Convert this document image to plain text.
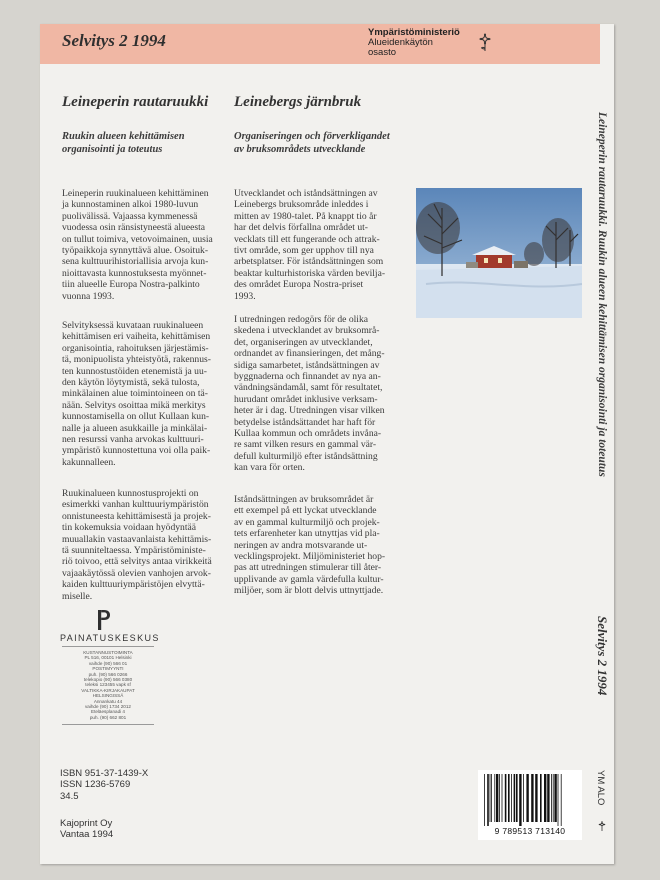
Selvitys 2 1994	Ympäristöministeriö
Alueidenkäytön
osasto
Leineperin rautaruukki Leinebergs järnbruk
Ruukin alueen kehittämisen
organisointi ja toteutus
Organiseringen och förverkligandet
av bruksområdets utvecklande
Leineperin ruukinalueen kehittäminen
ja kunnostaminen alkoi 1980-luvun
puolivälissä. Vajaassa kymmenessä
vuodessa osin ränsistyneestä alueesta
on tullut toimiva, vetovoimainen, uusia
työpaikkoja synnyttävä alue. Osoituk-
sena kulttuurihistoriallisia arvoja kun-
nioittavasta kunnostuksesta myönnet-
tiin alueelle Europa Nostra-palkinto
vuonna 1993.
Selvityksessä kuvataan ruukinalueen
kehittämisen eri vaiheita, kehittämisen
organisointia, rahoituksen järjestämis-
tä, monipuolista yhteistyötä, rakennus-
ten kunnostustöiden etenemistä ja uu-
den käytön löytymistä, sekä tulosta,
minkälainen alue toimintoineen on tä-
nään. Selvitys osoittaa mikä merkitys
kunnostamisella on ollut Kullaan kun-
nalle ja alueen asukkaille ja minkälai-
nen resurssi vanha arvokas kulttuuri-
ympäristö kunnostettuna voi olla paik-
kakunnalleen.
Ruukinalueen kunnostusprojekti on
esimerkki vanhan kulttuuriympäristön
onnistuneesta kehittämisestä ja projek-
tin kokemuksia voidaan hyödyntää
muuallakin vastaavanlaista kehittämis-
tä suunniteltaessa. Ympäristöministe-
riö toivoo, että selvitys antaa virikkeitä
vajaakäytössä olevien vanhojen arvok-
kaiden kulttuuriympäristöjen elvyttä-
miselle.
Utvecklandet och iståndsättningen av
Leinebergs bruksområde inleddes i
mitten av 1980-talet. På knappt tio år
har det delvis förfallna området ut-
vecklats till ett fungerande och attrak-
tivt område, som ger upphov till nya
arbetsplatser. För iståndsättningen som
beaktar kulturhistoriska värden bevilja-
des området Europa Nostra-priset
1993.
I utredningen redogörs för de olika
skedena i utvecklandet av bruksområ-
det, organiseringen av utvecklandet,
ordnandet av finansieringen, det mång-
sidiga samarbetet, iståndsättningen av
byggnaderna och finnandet av nya an-
vändningsändamål, samt för resultatet,
hurudant området inklusive verksam-
heter är i dag. Utredningen visar vilken
betydelse iståndsättandet har haft för
Kullaa kommun och områdets invåna-
re samt vilken resurs en gammal vär-
defull kulturmiljö efter iståndsättning
kan vara för orten.
Iståndsättningen av bruksområdet är
ett exempel på ett lyckat utvecklande
av en gammal kulturmiljö och projek-
tets erfarenheter kan utnyttjas vid pla-
neringen av andra motsvarande ut-
vecklingsprojekt. Miljöministeriet hop-
pas att utredningen stimulerar till åter-
upplivande av gamla värdefulla kultur-
miljöer, som är blott delvis uttnyttjade.
PAINATUSKESKUS
KUSTANNUSTOIMINTA
PL 516, 00101 Helsinki
vaihde (90) 566 01
POSTIMYYNTI
puh. (90) 566 0266
telekopio (90) 566 0380
teleksi 123455 vapk sf
VALTIKKA-KIRJAKAUPAT
HELSINGISSÄ
Annankatu 44
vaihde (90) 1734 2012
Eteläesplanadi 4
puh. (90) 662 801
ISBN 951-37-1439-X
ISSN 1236-5769
34.5
Kajoprint Oy
Vantaa 1994
Leineperin rautaruukki. Ruukin alueen kehittämisen organisointi ja toteutus
Selvitys 2 1994
YM ALO
9 789513 713140
